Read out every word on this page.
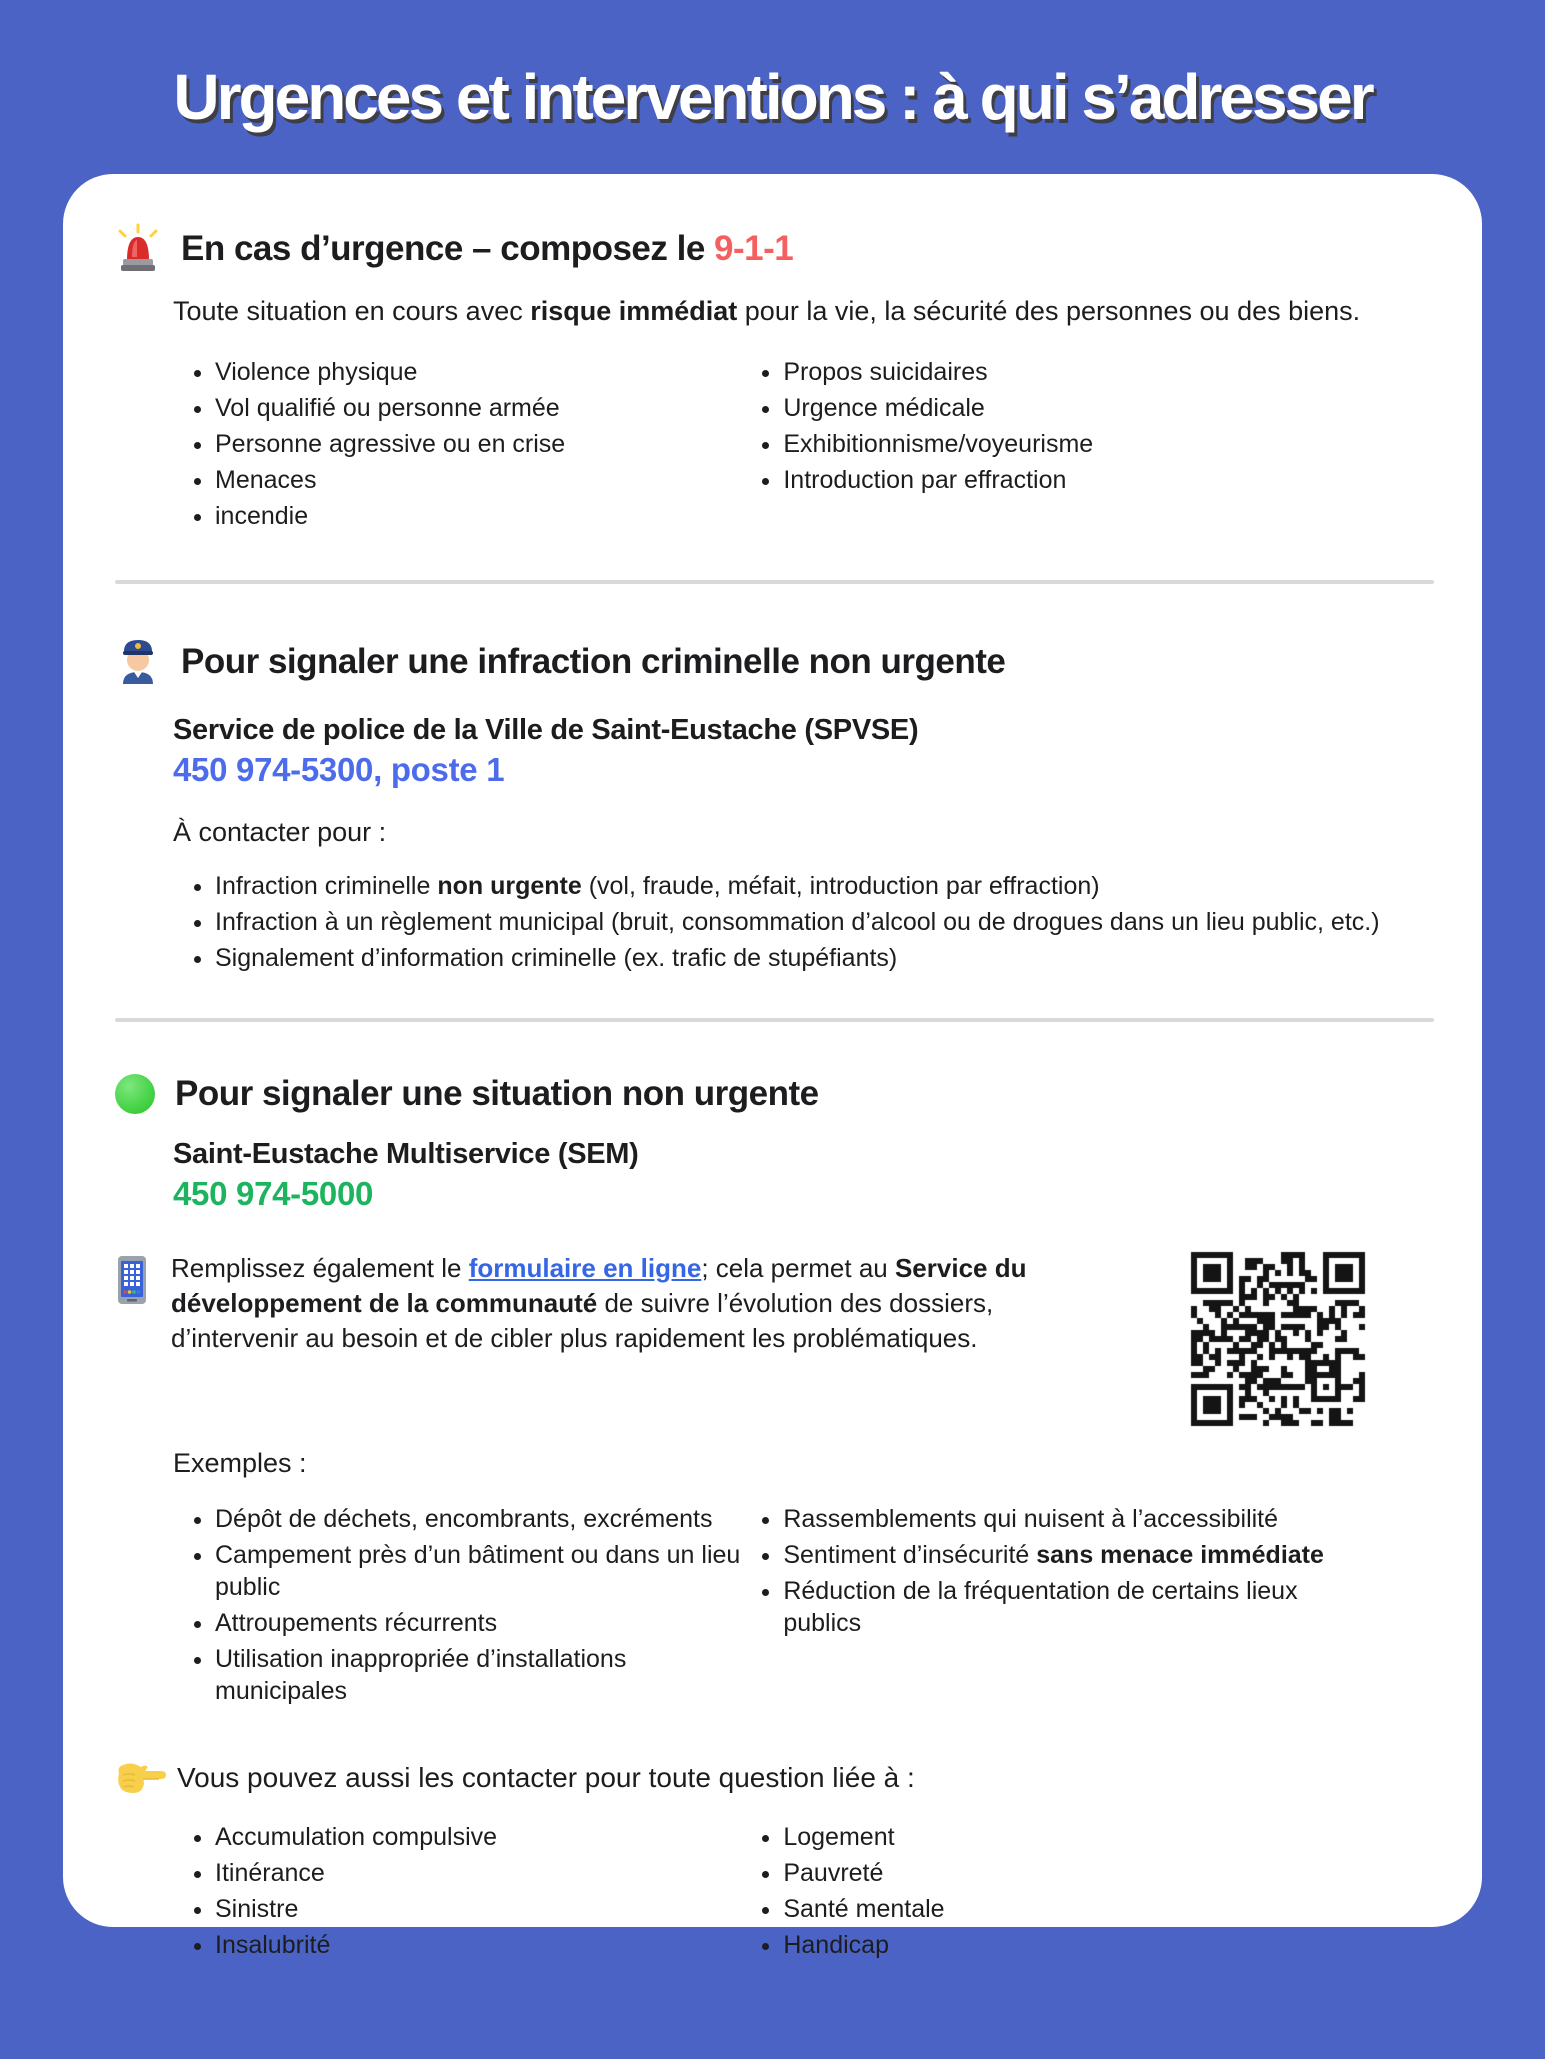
Urgences et interventions : à qui s’adresser
En cas d’urgence – composez le 9-1-1

Toute situation en cours avec risque immédiat pour la vie, la sécurité des personnes ou des biens.

• Violence physique
• Vol qualifié ou personne armée
• Personne agressive ou en crise
• Menaces
• incendie
• Propos suicidaires
• Urgence médicale
• Exhibitionnisme/voyeurisme
• Introduction par effraction
Pour signaler une infraction criminelle non urgente
Service de police de la Ville de Saint-Eustache (SPVSE)
450 974-5300, poste 1
À contacter pour :
• Infraction criminelle non urgente (vol, fraude, méfait, introduction par effraction)
• Infraction à un règlement municipal (bruit, consommation d’alcool ou de drogues dans un lieu public, etc.)
• Signalement d’information criminelle (ex. trafic de stupéfiants)
Pour signaler une situation non urgente
Saint-Eustache Multiservice (SEM)
450 974-5000

Remplissez également le formulaire en ligne; cela permet au Service du développement de la communauté de suivre l’évolution des dossiers, d’intervenir au besoin et de cibler plus rapidement les problématiques.

Exemples :
• Dépôt de déchets, encombrants, excréments
• Campement près d’un bâtiment ou dans un lieu public
• Attroupements récurrents
• Utilisation inappropriée d’installations municipales
• Rassemblements qui nuisent à l’accessibilité
• Sentiment d’insécurité sans menace immédiate
• Réduction de la fréquentation de certains lieux publics

Vous pouvez aussi les contacter pour toute question liée à :

• Accumulation compulsive
• Itinérance
• Sinistre
• Insalubrité
• Logement
• Pauvreté
• Santé mentale
• Handicap
